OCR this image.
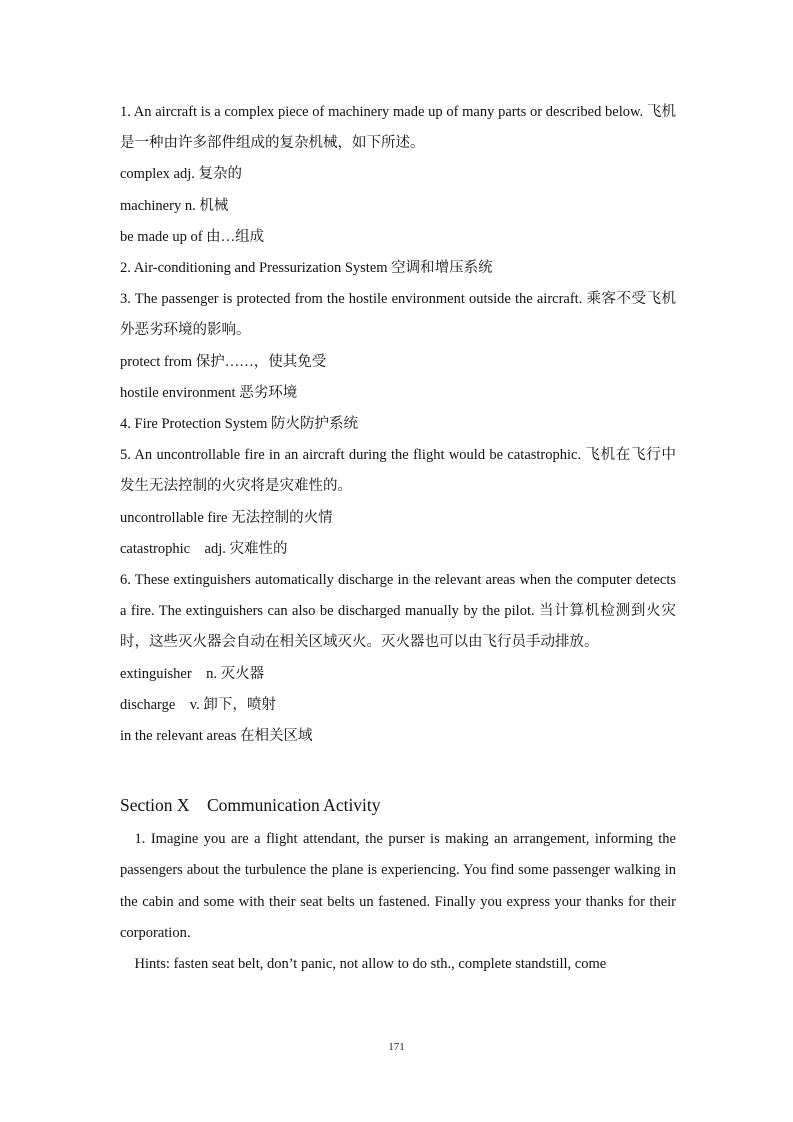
1. An aircraft is a complex piece of machinery made up of many parts or described below. 飞机是一种由许多部件组成的复杂机械，如下所述。

complex adj. 复杂的

machinery n. 机械

be made up of 由…组成

2. Air-conditioning and Pressurization System 空调和增压系统

3. The passenger is protected from the hostile environment outside the aircraft. 乘客不受飞机外恶劣环境的影响。

protect from 保护……，使其免受

hostile environment 恶劣环境

4. Fire Protection System 防火防护系统

5. An uncontrollable fire in an aircraft during the flight would be catastrophic. 飞机在飞行中发生无法控制的火灾将是灾难性的。

uncontrollable fire 无法控制的火情

catastrophic    adj. 灾难性的

6. These extinguishers automatically discharge in the relevant areas when the computer detects a fire. The extinguishers can also be discharged manually by the pilot. 当计算机检测到火灾时，这些灭火器会自动在相关区域灭火。灭火器也可以由飞行员手动排放。

extinguisher    n. 灭火器

discharge    v. 卸下，喷射

in the relevant areas 在相关区域

Section X    Communication Activity

1. Imagine you are a flight attendant, the purser is making an arrangement, informing the passengers about the turbulence the plane is experiencing. You find some passenger walking in the cabin and some with their seat belts un fastened. Finally you express your thanks for their corporation.

Hints: fasten seat belt, don’t panic, not allow to do sth., complete standstill, come

171
